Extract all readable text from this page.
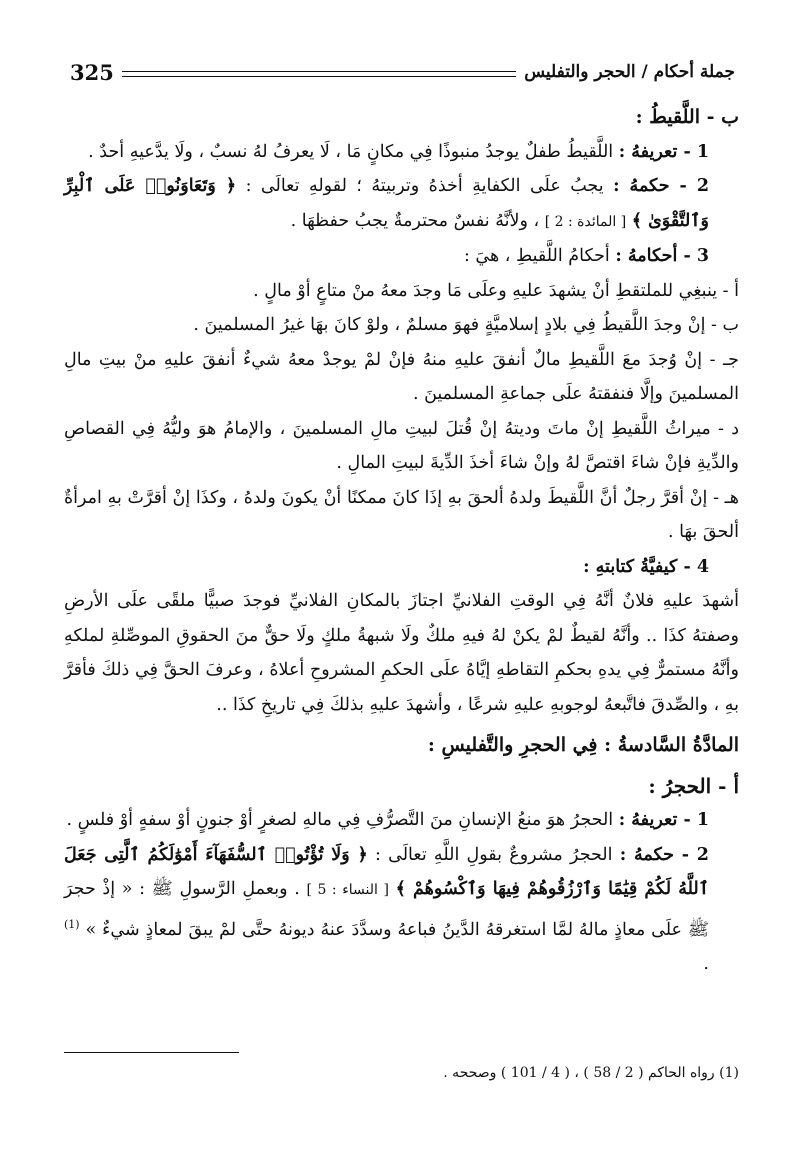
325	جملة أحكام / الحجر والتفليس

ب - اللَّقيطُ :

1 - تعريفهُ : اللَّقيطُ طفلٌ يوجدُ منبوذًا فِي مكانٍ مَا ، لَا يعرفُ لهُ نسبٌ ، ولَا يدَّعيهِ أحدٌ .

2 - حكمهُ : يجبُ علَى الكفايةِ أخذهُ وتربيتهُ ؛ لقولهِ تعالَى : ﴿ وَتَعَاوَنُوا۟ عَلَى ٱلْبِرِّ وَٱلتَّقْوَىٰ ﴾ [ المائدة : 2 ] ، ولأنَّهُ نفسٌ محترمةٌ يجبُ حفظهَا .

3 - أحكامهُ : أحكامُ اللَّقيطِ ، هيَ :

أ - ينبغِي للملتقطِ أنْ يشهدَ عليهِ وعلَى مَا وجدَ معهُ منْ متاعٍ أوْ مالٍ .

ب - إنْ وجدَ اللَّقيطُ فِي بلادٍ إسلاميَّةٍ فهوَ مسلمٌ ، ولوْ كانَ بهَا غيرُ المسلمينَ .

جـ - إنْ وُجدَ معَ اللَّقيطِ مالٌ أنفقَ عليهِ منهُ فإنْ لمْ يوجدْ معهُ شيءٌ أنفقَ عليهِ منْ بيتِ مالِ المسلمينَ وإلَّا فنفقتهُ علَى جماعةِ المسلمينَ .

د - ميراثُ اللَّقيطِ إنْ ماتَ وديتهُ إنْ قُتلَ لبيتِ مالِ المسلمينَ ، والإمامُ هوَ وليُّهُ فِي القصاصِ والدِّيةِ فإنْ شاءَ اقتصَّ لهُ وإنْ شاءَ أخذَ الدِّيةَ لبيتِ المالِ .

هـ - إنْ أقرَّ رجلٌ أنَّ اللَّقيطَ ولدهُ ألحقَ بهِ إذَا كانَ ممكنًا أنْ يكونَ ولدهُ ، وكذَا إنْ أقرَّتْ بهِ امرأةٌ ألحقَ بهَا .

4 - كيفيَّةُ كتابتهِ :

أشهدَ عليهِ فلانٌ أنَّهُ فِي الوقتِ الفلانيِّ اجتازَ بالمكانِ الفلانيِّ فوجدَ صبيًّا ملقًى علَى الأرضِ وصفتهُ كذَا .. وأنَّهُ لقيطٌ لمْ يكنْ لهُ فيهِ ملكٌ ولَا شبهةُ ملكٍ ولَا حقٌّ منَ الحقوقِ الموصِّلةِ لملكهِ وأنَّهُ مستمرٌّ فِي يدهِ بحكمِ التقاطهِ إيَّاهُ علَى الحكمِ المشروحِ أعلاهُ ، وعرفَ الحقَّ فِي ذلكَ فأقرَّ بهِ ، والصِّدقَ فاتَّبعهُ لوجوبهِ عليهِ شرعًا ، وأشهدَ عليهِ بذلكَ فِي تاريخِ كذَا ..

المادَّةُ السَّادسةُ : فِي الحجرِ والتَّفليسِ :

أ - الحجرُ :

1 - تعريفهُ : الحجرُ هوَ منعُ الإنسانِ منَ التَّصرُّفِ فِي مالهِ لصغرٍ أوْ جنونٍ أوْ سفهٍ أوْ فلسٍ .

2 - حكمهُ : الحجرُ مشروعٌ بقولِ اللَّهِ تعالَى : ﴿ وَلَا تُؤْتُوا۟ ٱلسُّفَهَآءَ أَمْوَٰلَكُمُ ٱلَّتِى جَعَلَ ٱللَّهُ لَكُمْ قِيَٰمًا وَٱرْزُقُوهُمْ فِيهَا وَٱكْسُوهُمْ ﴾ [ النساء : 5 ] . وبعملِ الرَّسولِ ﷺ : « إذْ حجرَ ﷺ علَى معاذٍ مالهُ لمَّا استغرقهُ الدَّينُ فباعهُ وسدَّدَ عنهُ ديونهُ حتَّى لمْ يبقَ لمعاذٍ شيءٌ » $^{(1)}$ .

(1) رواه الحاكم ( 2 / 58 ) ، ( 4 / 101 ) وصححه .
